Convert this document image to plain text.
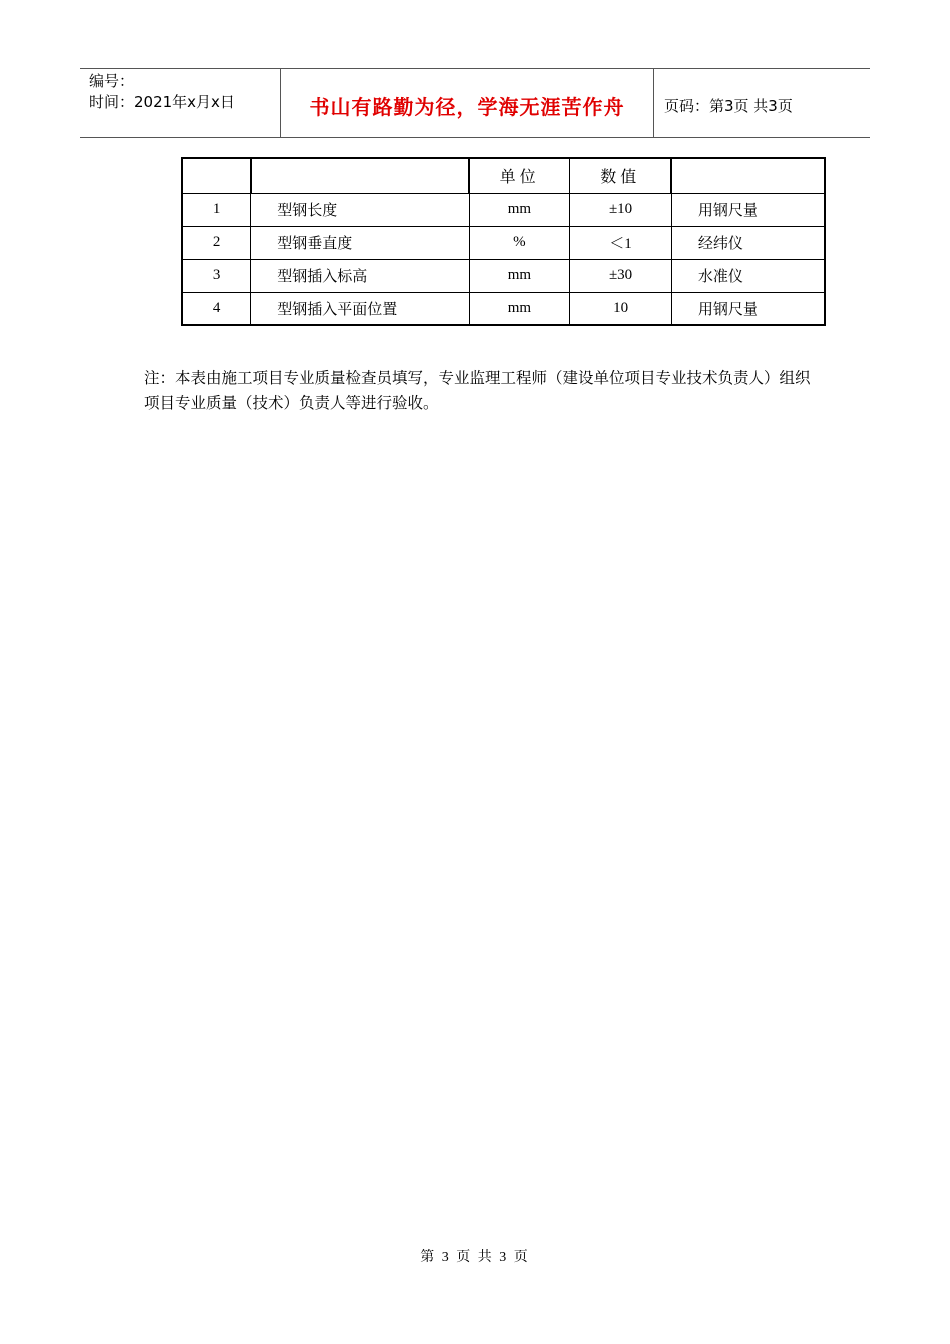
编号：
时间：2021年x月x日	书山有路勤为径，学海无涯苦作舟	页码：第3页 共3页
		单位	数值	
1	型钢长度	mm	±10	用钢尺量
2	型钢垂直度	%	＜1	经纬仪
3	型钢插入标高	mm	±30	水准仪
4	型钢插入平面位置	mm	10	用钢尺量
注：本表由施工项目专业质量检查员填写，专业监理工程师（建设单位项目专业技术负责人）组织项目专业质量（技术）负责人等进行验收。
第 3 页 共 3 页
